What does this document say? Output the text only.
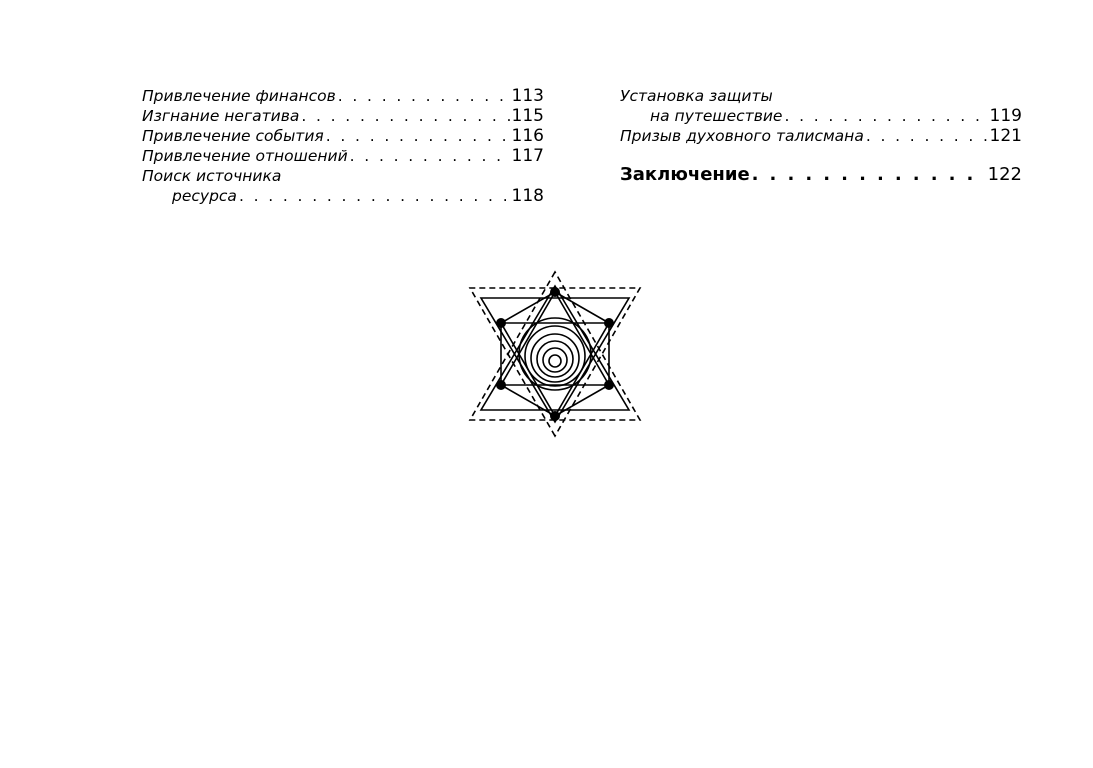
Привлечение финансов . . .	113
Изгнание негатива . . .	115
Привлечение события . . .	116
Привлечение отношений . . .	117
Поиск источника
ресурса . . .	118
Установка защиты
на путешествие . . .	119
Призыв духовного талисмана . . .	121
Заключение . . .	122
